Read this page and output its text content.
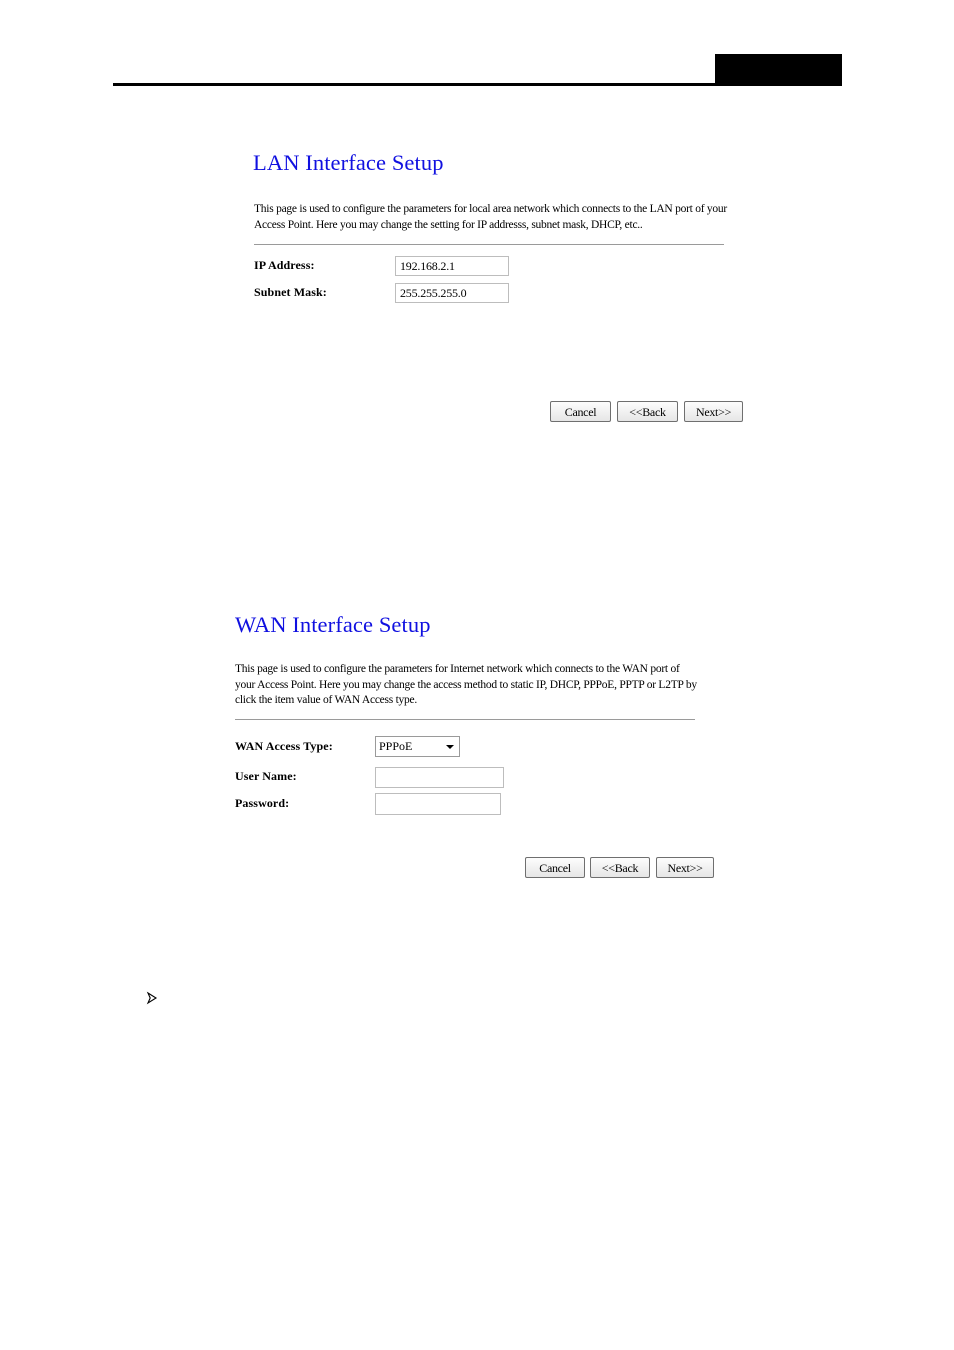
LAN Interface Setup

This page is used to configure the parameters for local area network which connects to the LAN port of your Access Point. Here you may change the setting for IP addresss, subnet mask, DHCP, etc..

IP Address:
192.168.2.1
Subnet Mask:
255.255.255.0
Cancel	<<Back	Next>>
WAN Interface Setup

This page is used to configure the parameters for Internet network which connects to the WAN port of your Access Point. Here you may change the access method to static IP, DHCP, PPPoE, PPTP or L2TP by click the item value of WAN Access type.

WAN Access Type:	PPPoE
User Name:
Password:
Cancel	<<Back	Next>>
